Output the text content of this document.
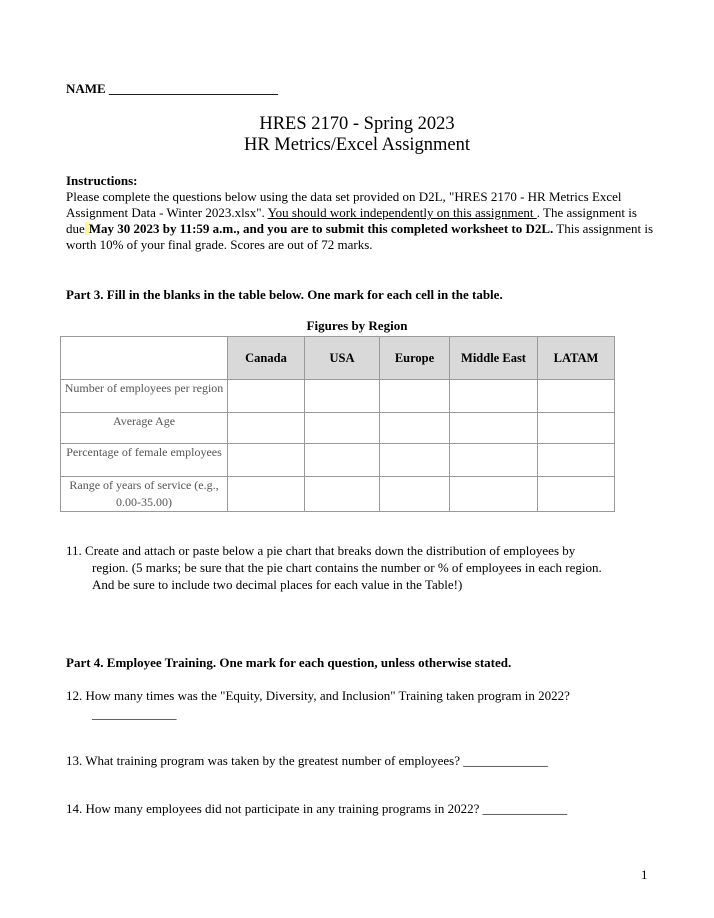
NAME __________________________
HRES 2170 - Spring 2023
HR Metrics/Excel Assignment

Instructions:

Please complete the questions below using the data set provided on D2L, "HRES 2170 - HR Metrics Excel Assignment Data - Winter 2023.xlsx". You should work independently on this assignment . The assignment is due May 30 2023 by 11:59 a.m., and you are to submit this completed worksheet to D2L. This assignment is worth 10% of your final grade. Scores are out of 72 marks.

Part 3. Fill in the blanks in the table below. One mark for each cell in the table.
Figures by Region
	Canada	USA	Europe	Middle East	LATAM
Number of employees per region					
Average Age					
Percentage of female employees					
Range of years of service (e.g., 0.00-35.00)					
11. Create and attach or paste below a pie chart that breaks down the distribution of employees by
region. (5 marks; be sure that the pie chart contains the number or % of employees in each region.
And be sure to include two decimal places for each value in the Table!)
Part 4. Employee Training. One mark for each question, unless otherwise stated.
12. How many times was the "Equity, Diversity, and Inclusion" Training taken program in 2022?
_____________
13. What training program was taken by the greatest number of employees? _____________
14. How many employees did not participate in any training programs in 2022? _____________
1
